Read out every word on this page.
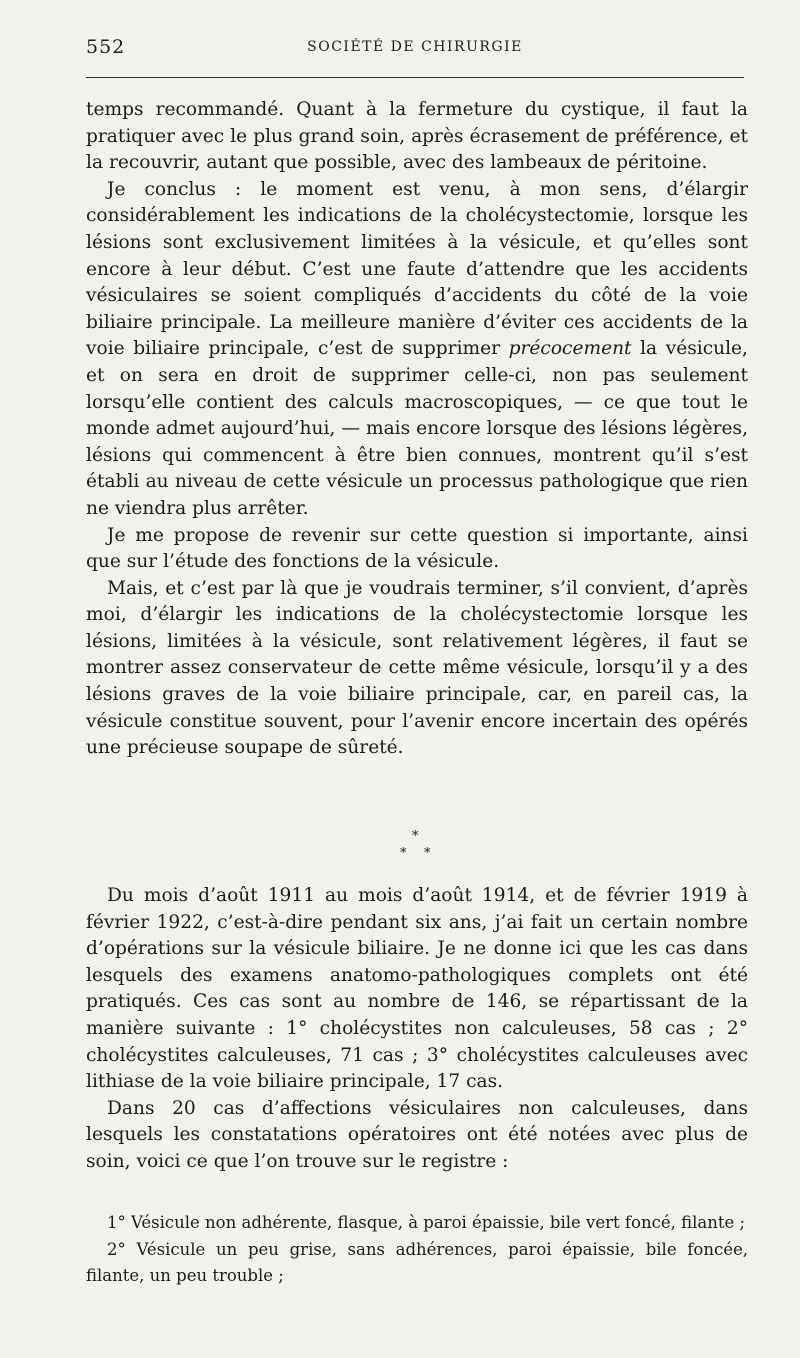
552	SOCIÉTÉ DE CHIRURGIE

temps recommandé. Quant à la fermeture du cystique, il faut la pratiquer avec le plus grand soin, après écrasement de préférence, et la recouvrir, autant que possible, avec des lambeaux de péritoine.

Je conclus : le moment est venu, à mon sens, d’élargir considérablement les indications de la cholécystectomie, lorsque les lésions sont exclusivement limitées à la vésicule, et qu’elles sont encore à leur début. C’est une faute d’attendre que les accidents vésiculaires se soient compliqués d’accidents du côté de la voie biliaire principale. La meilleure manière d’éviter ces accidents de la voie biliaire principale, c’est de supprimer précocement la vésicule, et on sera en droit de supprimer celle-ci, non pas seulement lorsqu’elle contient des calculs macroscopiques, — ce que tout le monde admet aujourd’hui, — mais encore lorsque des lésions légères, lésions qui commencent à être bien connues, montrent qu’il s’est établi au niveau de cette vésicule un processus pathologique que rien ne viendra plus arrêter.

Je me propose de revenir sur cette question si importante, ainsi que sur l’étude des fonctions de la vésicule.

Mais, et c’est par là que je voudrais terminer, s’il convient, d’après moi, d’élargir les indications de la cholécystectomie lorsque les lésions, limitées à la vésicule, sont relativement légères, il faut se montrer assez conservateur de cette même vésicule, lorsqu’il y a des lésions graves de la voie biliaire principale, car, en pareil cas, la vésicule constitue souvent, pour l’avenir encore incertain des opérés une précieuse soupape de sûreté.

*
* *

Du mois d’août 1911 au mois d’août 1914, et de février 1919 à février 1922, c’est-à-dire pendant six ans, j’ai fait un certain nombre d’opérations sur la vésicule biliaire. Je ne donne ici que les cas dans lesquels des examens anatomo-pathologiques complets ont été pratiqués. Ces cas sont au nombre de 146, se répartissant de la manière suivante : 1° cholécystites non calculeuses, 58 cas ; 2° cholécystites calculeuses, 71 cas ; 3° cholécystites calculeuses avec lithiase de la voie biliaire principale, 17 cas.

Dans 20 cas d’affections vésiculaires non calculeuses, dans lesquels les constatations opératoires ont été notées avec plus de soin, voici ce que l’on trouve sur le registre :

1° Vésicule non adhérente, flasque, à paroi épaissie, bile vert foncé, filante ;

2° Vésicule un peu grise, sans adhérences, paroi épaissie, bile foncée, filante, un peu trouble ;
